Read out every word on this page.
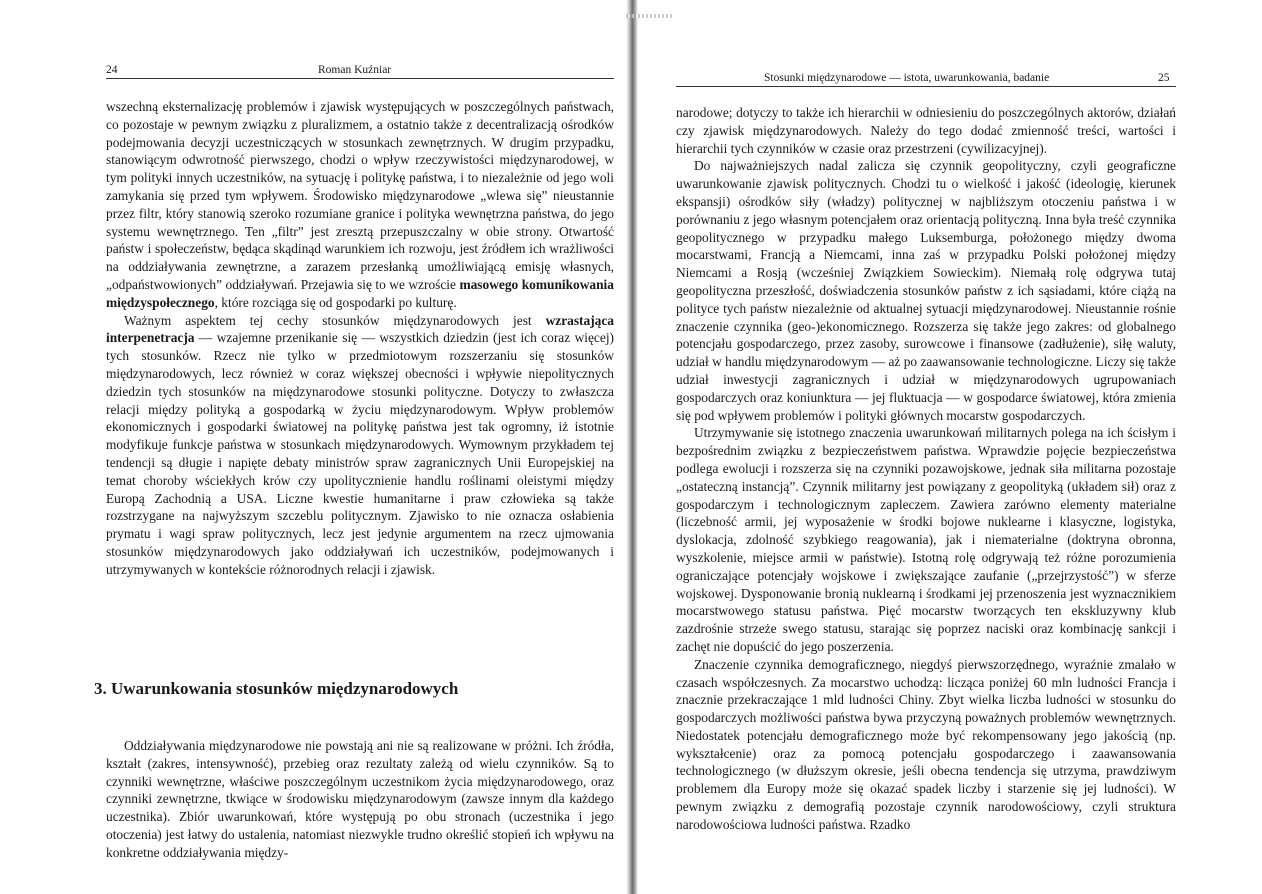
24	Roman Kuźniar

wszechną eksternalizację problemów i zjawisk występujących w poszczególnych państwach, co pozostaje w pewnym związku z pluralizmem, a ostatnio także z decentralizacją ośrodków podejmowania decyzji uczestniczących w stosunkach zewnętrznych. W drugim przypadku, stanowiącym odwrotność pierwszego, chodzi o wpływ rzeczywistości międzynarodowej, w tym polityki innych uczestników, na sytuację i politykę państwa, i to niezależnie od jego woli zamykania się przed tym wpływem. Środowisko międzynarodowe „wlewa się” nieustannie przez filtr, który stanowią szeroko rozumiane granice i polityka wewnętrzna państwa, do jego systemu wewnętrznego. Ten „filtr” jest zresztą przepuszczalny w obie strony. Otwartość państw i społeczeństw, będąca skądinąd warunkiem ich rozwoju, jest źródłem ich wrażliwości na oddziaływania zewnętrzne, a zarazem przesłanką umożliwiającą emisję własnych, „odpaństwowionych” oddziaływań. Przejawia się to we wzroście masowego komunikowania międzyspołecznego, które rozciąga się od gospodarki po kulturę.

Ważnym aspektem tej cechy stosunków międzynarodowych jest wzrastająca interpenetracja — wzajemne przenikanie się — wszystkich dziedzin (jest ich coraz więcej) tych stosunków. Rzecz nie tylko w przedmiotowym rozszerzaniu się stosunków międzynarodowych, lecz również w coraz większej obecności i wpływie niepolitycznych dziedzin tych stosunków na międzynarodowe stosunki polityczne. Dotyczy to zwłaszcza relacji między polityką a gospodarką w życiu międzynarodowym. Wpływ problemów ekonomicznych i gospodarki światowej na politykę państwa jest tak ogromny, iż istotnie modyfikuje funkcje państwa w stosunkach międzynarodowych. Wymownym przykładem tej tendencji są długie i napięte debaty ministrów spraw zagranicznych Unii Europejskiej na temat choroby wściekłych krów czy upolitycznienie handlu roślinami oleistymi między Europą Zachodnią a USA. Liczne kwestie humanitarne i praw człowieka są także rozstrzygane na najwyższym szczeblu politycznym. Zjawisko to nie oznacza osłabienia prymatu i wagi spraw politycznych, lecz jest jedynie argumentem na rzecz ujmowania stosunków międzynarodowych jako oddziaływań ich uczestników, podejmowanych i utrzymywanych w kontekście różnorodnych relacji i zjawisk.

3. Uwarunkowania stosunków międzynarodowych

Oddziaływania międzynarodowe nie powstają ani nie są realizowane w próżni. Ich źródła, kształt (zakres, intensywność), przebieg oraz rezultaty zależą od wielu czynników. Są to czynniki wewnętrzne, właściwe poszczególnym uczestnikom życia międzynarodowego, oraz czynniki zewnętrzne, tkwiące w środowisku międzynarodowym (zawsze innym dla każdego uczestnika). Zbiór uwarunkowań, które występują po obu stronach (uczestnika i jego otoczenia) jest łatwy do ustalenia, natomiast niezwykle trudno określić stopień ich wpływu na konkretne oddziaływania między-

Stosunki międzynarodowe — istota, uwarunkowania, badanie	25

narodowe; dotyczy to także ich hierarchii w odniesieniu do poszczególnych aktorów, działań czy zjawisk międzynarodowych. Należy do tego dodać zmienność treści, wartości i hierarchii tych czynników w czasie oraz przestrzeni (cywilizacyjnej).

Do najważniejszych nadal zalicza się czynnik geopolityczny, czyli geograficzne uwarunkowanie zjawisk politycznych. Chodzi tu o wielkość i jakość (ideologię, kierunek ekspansji) ośrodków siły (władzy) politycznej w najbliższym otoczeniu państwa i w porównaniu z jego własnym potencjałem oraz orientacją polityczną. Inna była treść czynnika geopolitycznego w przypadku małego Luksemburga, położonego między dwoma mocarstwami, Francją a Niemcami, inna zaś w przypadku Polski położonej między Niemcami a Rosją (wcześniej Związkiem Sowieckim). Niemałą rolę odgrywa tutaj geopolityczna przeszłość, doświadczenia stosunków państw z ich sąsiadami, które ciążą na polityce tych państw niezależnie od aktualnej sytuacji międzynarodowej. Nieustannie rośnie znaczenie czynnika (geo-)ekonomicznego. Rozszerza się także jego zakres: od globalnego potencjału gospodarczego, przez zasoby, surowcowe i finansowe (zadłużenie), siłę waluty, udział w handlu międzynarodowym — aż po zaawansowanie technologiczne. Liczy się także udział inwestycji zagranicznych i udział w międzynarodowych ugrupowaniach gospodarczych oraz koniunktura — jej fluktuacja — w gospodarce światowej, która zmienia się pod wpływem problemów i polityki głównych mocarstw gospodarczych.

Utrzymywanie się istotnego znaczenia uwarunkowań militarnych polega na ich ścisłym i bezpośrednim związku z bezpieczeństwem państwa. Wprawdzie pojęcie bezpieczeństwa podlega ewolucji i rozszerza się na czynniki pozawojskowe, jednak siła militarna pozostaje „ostateczną instancją”. Czynnik militarny jest powiązany z geopolityką (układem sił) oraz z gospodarczym i technologicznym zapleczem. Zawiera zarówno elementy materialne (liczebność armii, jej wyposażenie w środki bojowe nuklearne i klasyczne, logistyka, dyslokacja, zdolność szybkiego reagowania), jak i niematerialne (doktryna obronna, wyszkolenie, miejsce armii w państwie). Istotną rolę odgrywają też różne porozumienia ograniczające potencjały wojskowe i zwiększające zaufanie („przejrzystość”) w sferze wojskowej. Dysponowanie bronią nuklearną i środkami jej przenoszenia jest wyznacznikiem mocarstwowego statusu państwa. Pięć mocarstw tworzących ten ekskluzywny klub zazdrośnie strzeże swego statusu, starając się poprzez naciski oraz kombinację sankcji i zachęt nie dopuścić do jego poszerzenia.

Znaczenie czynnika demograficznego, niegdyś pierwszorzędnego, wyraźnie zmalało w czasach współczesnych. Za mocarstwo uchodzą: licząca poniżej 60 mln ludności Francja i znacznie przekraczające 1 mld ludności Chiny. Zbyt wielka liczba ludności w stosunku do gospodarczych możliwości państwa bywa przyczyną poważnych problemów wewnętrznych. Niedostatek potencjału demograficznego może być rekompensowany jego jakością (np. wykształcenie) oraz za pomocą potencjału gospodarczego i zaawansowania technologicznego (w dłuższym okresie, jeśli obecna tendencja się utrzyma, prawdziwym problemem dla Europy może się okazać spadek liczby i starzenie się jej ludności). W pewnym związku z demografią pozostaje czynnik narodowościowy, czyli struktura narodowościowa ludności państwa. Rzadko
